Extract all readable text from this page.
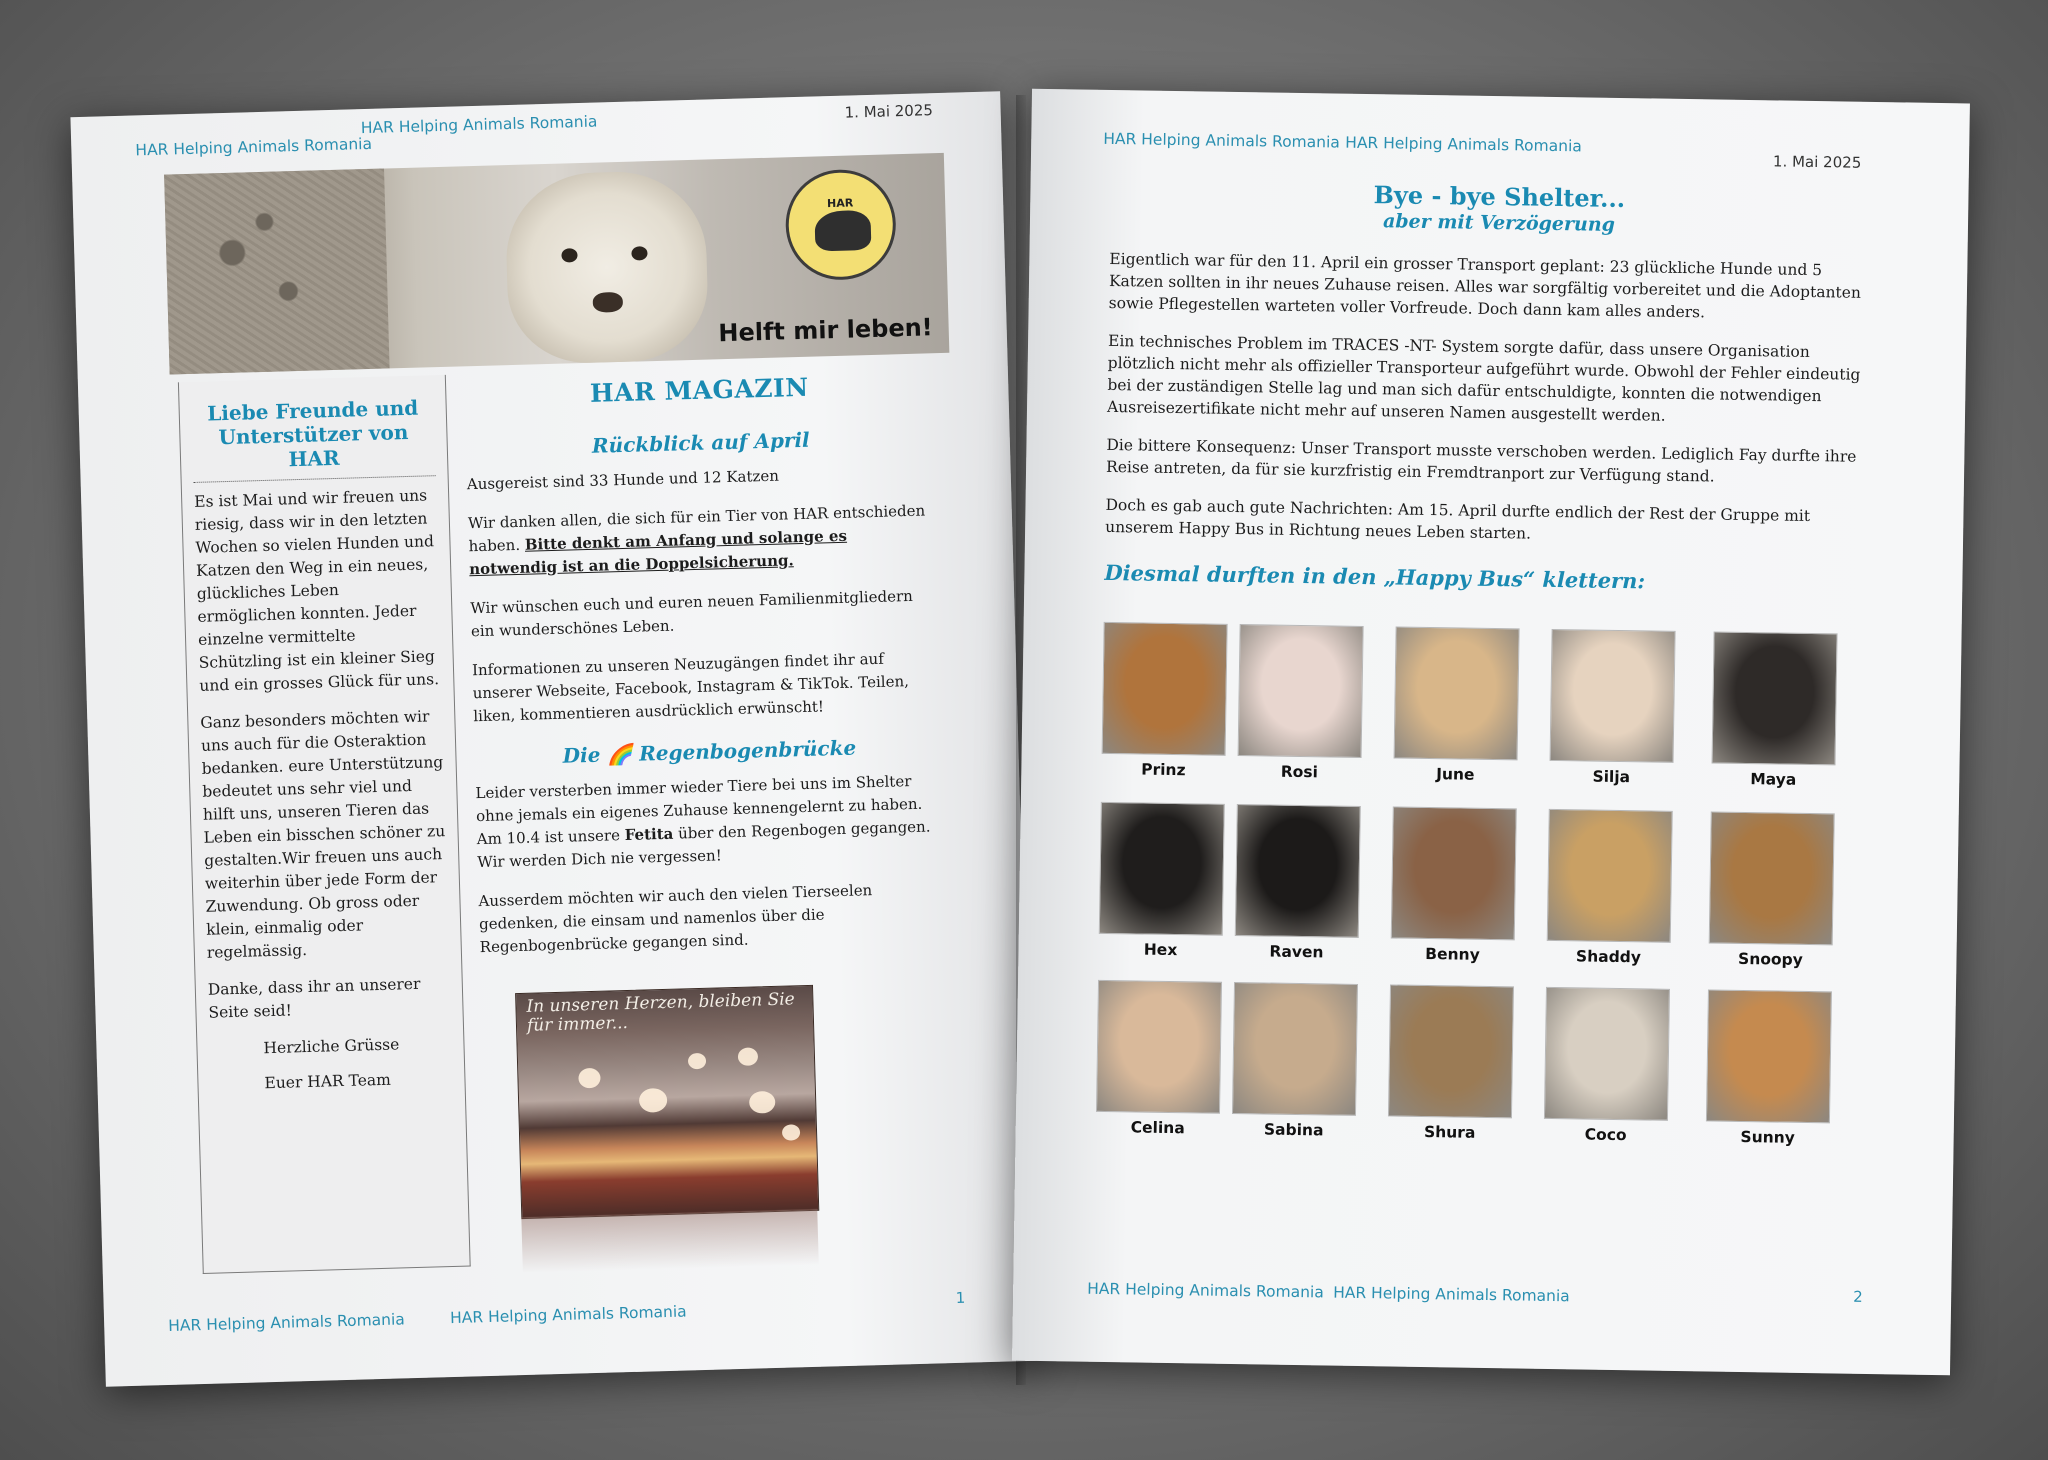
HAR Helping Animals Romania
HAR Helping Animals Romania
1. Mai 2025
HAR
Helft mir leben!
Liebe Freunde und Unterstützer von HAR

Es ist Mai und wir freuen uns riesig, dass wir in den letzten Wochen so vielen Hunden und Katzen den Weg in ein neues, glückliches Leben ermöglichen konnten. Jeder einzelne vermittelte Schützling ist ein kleiner Sieg und ein grosses Glück für uns.

Ganz besonders möchten wir uns auch für die Osteraktion bedanken. eure Unterstützung bedeutet uns sehr viel und hilft uns, unseren Tieren das Leben ein bisschen schöner zu gestalten.Wir freuen uns auch weiterhin über jede Form der Zuwendung. Ob gross oder klein, einmalig oder regelmässig.

Danke, dass ihr an unserer Seite seid!

Herzliche Grüsse

Euer HAR Team

HAR MAGAZIN
Rückblick auf April

Ausgereist sind 33 Hunde und 12 Katzen

Wir danken allen, die sich für ein Tier von HAR entschieden haben. Bitte denkt am Anfang und solange es notwendig ist an die Doppelsicherung.

Wir wünschen euch und euren neuen Familienmitgliedern ein wunderschönes Leben.

Informationen zu unseren Neuzugängen findet ihr auf unserer Webseite, Facebook, Instagram & TikTok. Teilen, liken, kommentieren ausdrücklich erwünscht!

Die 🌈 Regenbogenbrücke

Leider versterben immer wieder Tiere bei uns im Shelter ohne jemals ein eigenes Zuhause kennengelernt zu haben. Am 10.4 ist unsere Fetita über den Regenbogen gegangen. Wir werden Dich nie vergessen!

Ausserdem möchten wir auch den vielen Tierseelen gedenken, die einsam und namenlos über die Regenbogenbrücke gegangen sind.

In unseren Herzen, bleiben Sie für immer...
HAR Helping Animals Romania	HAR Helping Animals Romania
1
HAR Helping Animals Romania HAR Helping Animals Romania
1. Mai 2025
Bye - bye Shelter...
aber mit Verzögerung

Eigentlich war für den 11. April ein grosser Transport geplant: 23 glückliche Hunde und 5 Katzen sollten in ihr neues Zuhause reisen. Alles war sorgfältig vorbereitet und die Adoptanten sowie Pflegestellen warteten voller Vorfreude. Doch dann kam alles anders.

Ein technisches Problem im TRACES -NT- System sorgte dafür, dass unsere Organisation plötzlich nicht mehr als offizieller Transporteur aufgeführt wurde. Obwohl der Fehler eindeutig bei der zuständigen Stelle lag und man sich dafür entschuldigte, konnten die notwendigen Ausreisezertifikate nicht mehr auf unseren Namen ausgestellt werden.

Die bittere Konsequenz: Unser Transport musste verschoben werden. Lediglich Fay durfte ihre Reise antreten, da für sie kurzfristig ein Fremdtranport zur Verfügung stand.

Doch es gab auch gute Nachrichten: Am 15. April durfte endlich der Rest der Gruppe mit unserem Happy Bus in Richtung neues Leben starten.

Diesmal durften in den „Happy Bus“ klettern:
Prinz	Rosi	June	Silja	Maya
Hex	Raven	Benny	Shaddy	Snoopy
Celina	Sabina	Shura	Coco	Sunny
HAR Helping Animals Romania HAR Helping Animals Romania	2
